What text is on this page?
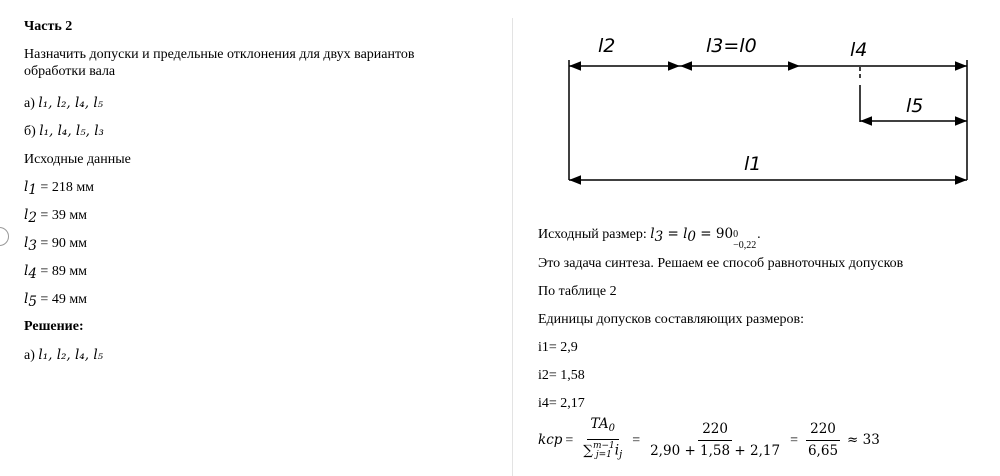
Часть 2
Назначить допуски и предельные отклонения для двух вариантов
обработки вала
а) l₁, l₂, l₄, l₅
б) l₁, l₄, l₅, l₃
Исходные данные
$l_1 = 218$ мм
$l_2 = 39$ мм
$l_3 = 90$ мм
$l_4 = 89$ мм
$l_5 = 49$ мм
Решение:
а) l₁, l₂, l₄, l₅
l2	l3=l0	l4
l5
l1
Исходный размер: $l_3 = l_0 = 90$ 0
−0,22
.
Это задача синтеза. Решаем ее способ равноточных допусков
По таблице 2
Единицы допусков составляющих размеров:
i1= 2,9
i2= 1,58
i4= 2,17
k ср = $TA_0$
∑ m−1
j=1 $i_j = \frac{220}{2,90 + 1,58 + 2,17} = \frac{220}{6,65} \approx 33$
